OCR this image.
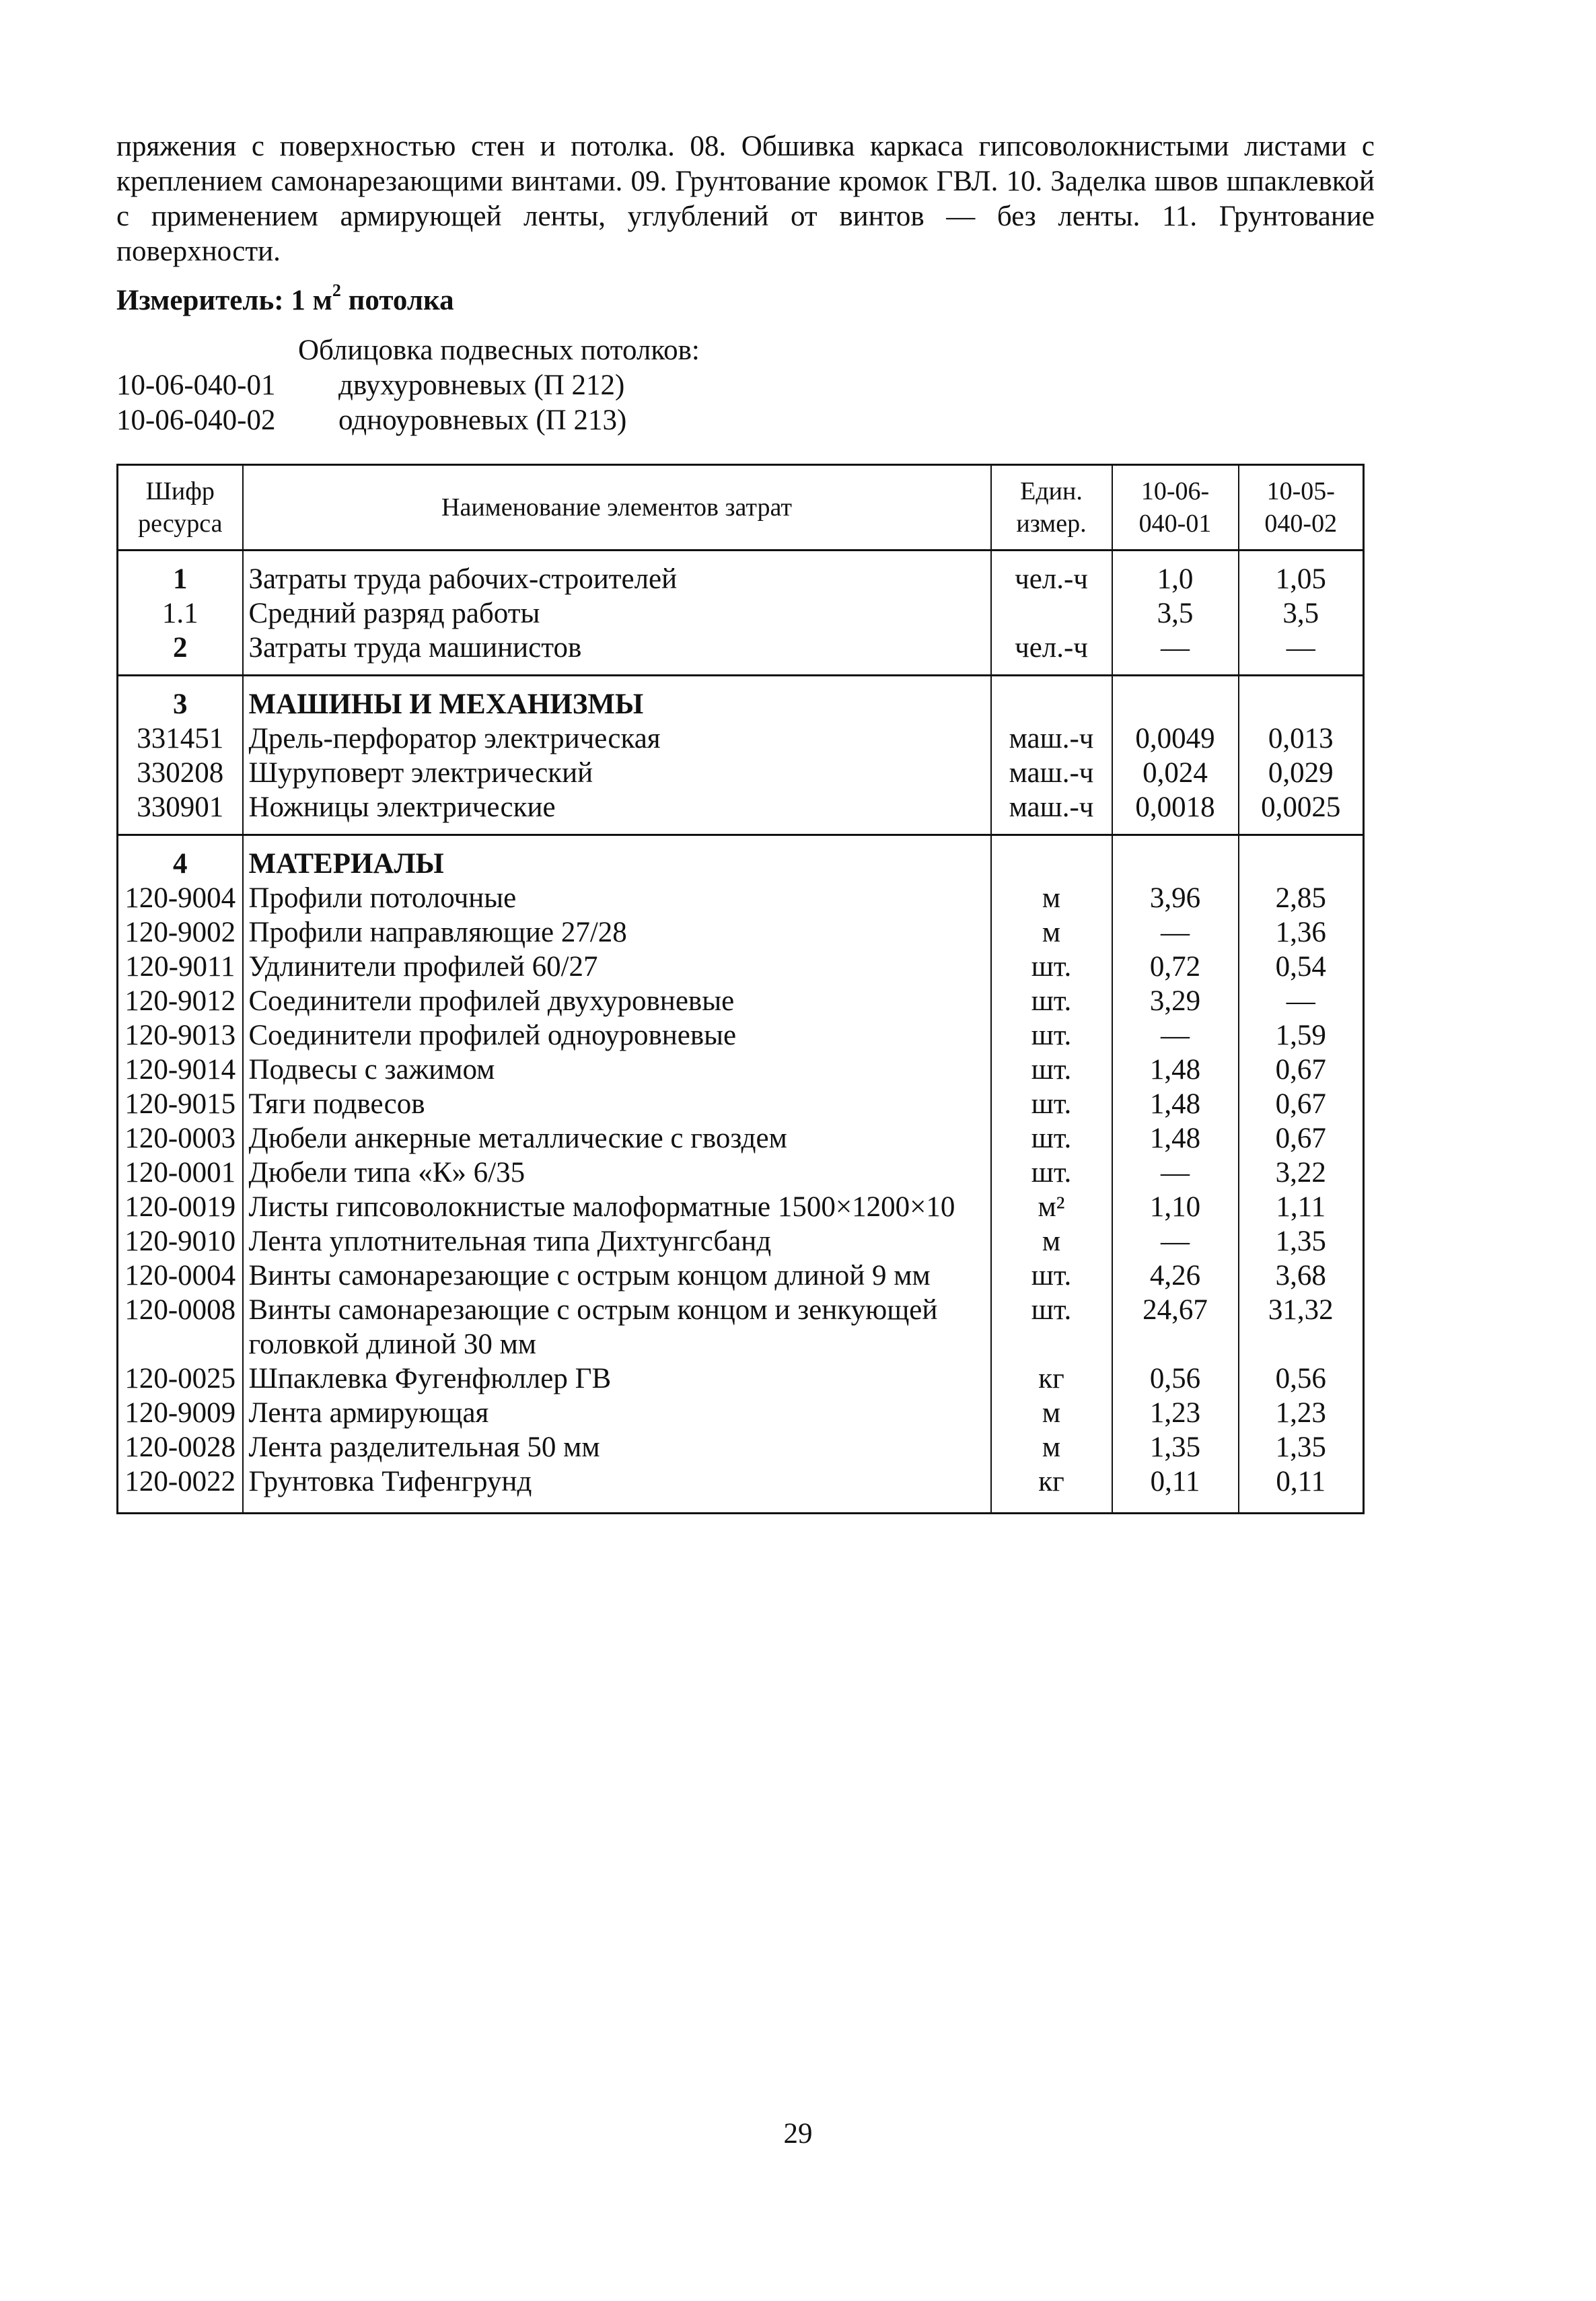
пряжения с поверхностью стен и потолка. 08. Обшивка каркаса гипсоволокнистыми листами с креплением самонарезающими винтами. 09. Грунтование кромок ГВЛ. 10. Заделка швов шпаклевкой с применением армирующей ленты, углублений от винтов — без ленты. 11. Грунтование поверхности.

Измеритель: 1 $м^2$ потолка

Облицовка подвесных потолков:

10-06-040-01 двухуровневых (П 212)

10-06-040-02 одноуровневых (П 213)

Шифр ресурса	Наименование элементов затрат	Един. измер.	10-06- 040-01	10-05- 040-02
1	Затраты труда рабочих-строителей	чел.-ч	1,0	1,05
1.1	Средний разряд работы		3,5	3,5
2	Затраты труда машинистов	чел.-ч	—	—
3	МАШИНЫ И МЕХАНИЗМЫ			
331451	Дрель-перфоратор электрическая	маш.-ч	0,0049	0,013
330208	Шуруповерт электрический	маш.-ч	0,024	0,029
330901	Ножницы электрические	маш.-ч	0,0018	0,0025
4	МАТЕРИАЛЫ			
120-9004	Профили потолочные	м	3,96	2,85
120-9002	Профили направляющие 27/28	м	—	1,36
120-9011	Удлинители профилей 60/27	шт.	0,72	0,54
120-9012	Соединители профилей двухуровневые	шт.	3,29	—
120-9013	Соединители профилей одноуровневые	шт.	—	1,59
120-9014	Подвесы с зажимом	шт.	1,48	0,67
120-9015	Тяги подвесов	шт.	1,48	0,67
120-0003	Дюбели анкерные металлические с гвоздем	шт.	1,48	0,67
120-0001	Дюбели типа «К» 6/35	шт.	—	3,22
120-0019	Листы гипсоволокнистые малоформатные 1500×1200×10	м²	1,10	1,11
120-9010	Лента уплотнительная типа Дихтунгсбанд	м	—	1,35
120-0004	Винты самонарезающие с острым концом длиной 9 мм	шт.	4,26	3,68
120-0008	Винты самонарезающие с острым концом и зенкующей головкой длиной 30 мм	шт.	24,67	31,32
120-0025	Шпаклевка Фугенфюллер ГВ	кг	0,56	0,56
120-9009	Лента армирующая	м	1,23	1,23
120-0028	Лента разделительная 50 мм	м	1,35	1,35
120-0022	Грунтовка Тифенгрунд	кг	0,11	0,11

29
